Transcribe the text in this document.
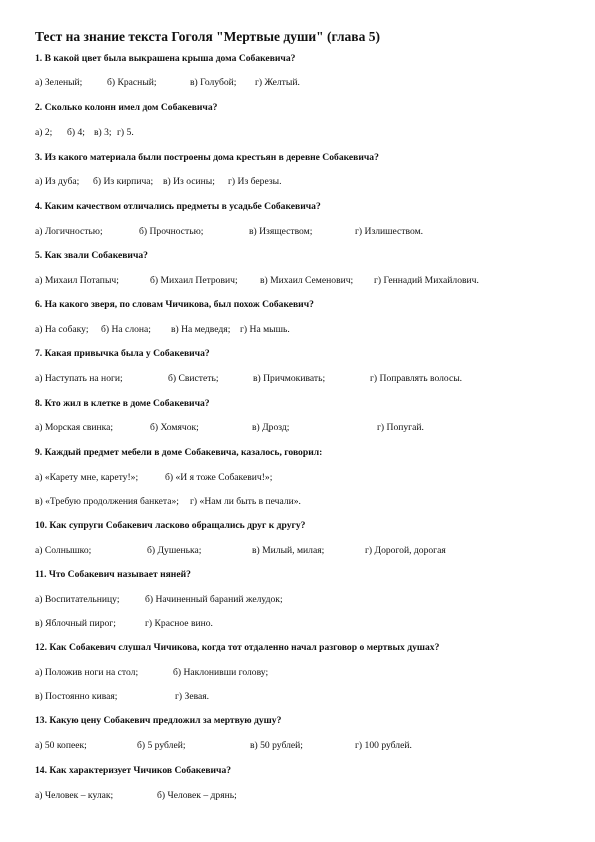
Тест на знание текста Гоголя "Мертвые души" (глава 5)
1. В какой цвет была выкрашена крыша дома Собакевича?
а) Зеленый;	б) Красный;	в) Голубой; г) Желтый.
2. Сколько колонн имел дом Собакевича?
а) 2; б) 4; в) 3; г) 5.
3. Из какого материала были построены дома крестьян в деревне Собакевича?
а) Из дуба; б) Из кирпича; в) Из осины; г) Из березы.
4. Каким качеством отличались предметы в усадьбе Собакевича?
а) Логичностью;	б) Прочностью;	в) Изяществом;	г) Излишеством.
5. Как звали Собакевича?
а) Михаил Потапыч;	б) Михаил Петрович; в) Михаил Семенович; г) Геннадий Михайлович.
6. На какого зверя, по словам Чичикова, был похож Собакевич?
а) На собаку; б) На слона; в) На медведя; г) На мышь.
7. Какая привычка была у Собакевича?
а) Наступать на ноги;	б) Свистеть;	в) Причмокивать;	г) Поправлять волосы.
8. Кто жил в клетке в доме Собакевича?
а) Морская свинка;	б) Хомячок;	в) Дрозд;	г) Попугай.
9. Каждый предмет мебели в доме Собакевича, казалось, говорил:
а) «Карету мне, карету!»;	б) «И я тоже Собакевич!»;
в) «Требую продолжения банкета»; г) «Нам ли быть в печали».
10. Как супруги Собакевич ласково обращались друг к другу?
а) Солнышко;	б) Душенька;	в) Милый, милая;	г) Дорогой, дорогая
11. Что Собакевич называет няней?
а) Воспитательницу;	б) Начиненный бараний желудок;
в) Яблочный пирог;	г) Красное вино.
12. Как Собакевич слушал Чичикова, когда тот отдаленно начал разговор о мертвых душах?
а) Положив ноги на стол;	б) Наклонивши голову;
в) Постоянно кивая;	г) Зевая.
13. Какую цену Собакевич предложил за мертвую душу?
а) 50 копеек;	б) 5 рублей;	в) 50 рублей;	г) 100 рублей.
14. Как характеризует Чичиков Собакевича?
а) Человек – кулак;	б) Человек – дрянь;
